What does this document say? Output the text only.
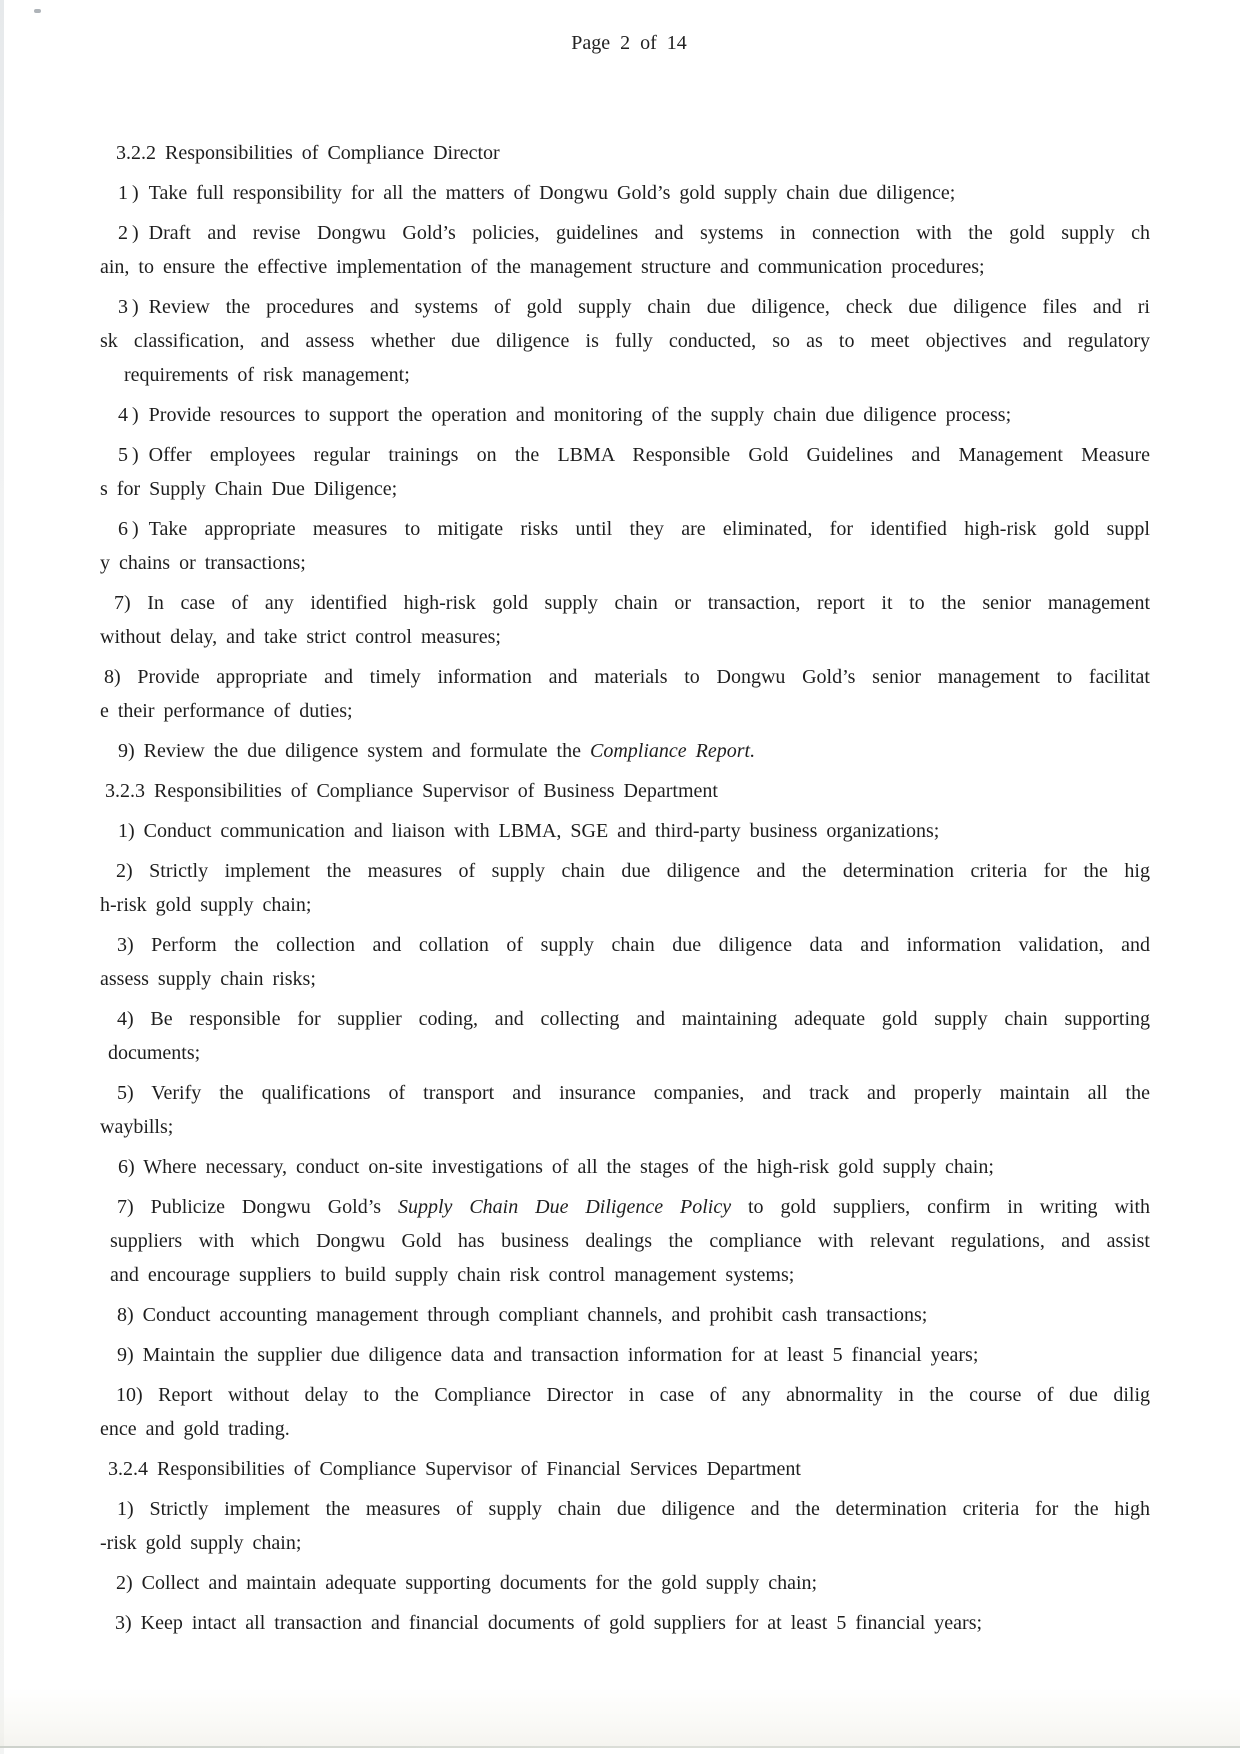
3.2.2 Responsibilities of Compliance Director

1 ) Take full responsibility for all the matters of Dongwu Gold’s gold supply chain due diligence;

2 ) Draft and revise Dongwu Gold’s policies, guidelines and systems in connection with the gold supply ch
ain, to ensure the effective implementation of the management structure and communication procedures;

3 ) Review the procedures and systems of gold supply chain due diligence, check due diligence files and ri
sk classification, and assess whether due diligence is fully conducted, so as to meet objectives and regulatory
requirements of risk management;

4 ) Provide resources to support the operation and monitoring of the supply chain due diligence process;

5 ) Offer employees regular trainings on the LBMA Responsible Gold Guidelines and Management Measure
s for Supply Chain Due Diligence;

6 ) Take appropriate measures to mitigate risks until they are eliminated, for identified high-risk gold suppl
y chains or transactions;

7) In case of any identified high-risk gold supply chain or transaction, report it to the senior management
without delay, and take strict control measures;

8) Provide appropriate and timely information and materials to Dongwu Gold’s senior management to facilitat
e their performance of duties;

9) Review the due diligence system and formulate the Compliance Report.

3.2.3 Responsibilities of Compliance Supervisor of Business Department

1) Conduct communication and liaison with LBMA, SGE and third-party business organizations;

2) Strictly implement the measures of supply chain due diligence and the determination criteria for the hig
h-risk gold supply chain;

3) Perform the collection and collation of supply chain due diligence data and information validation, and
assess supply chain risks;

4) Be responsible for supplier coding, and collecting and maintaining adequate gold supply chain supporting
documents;

5) Verify the qualifications of transport and insurance companies, and track and properly maintain all the
waybills;

6) Where necessary, conduct on-site investigations of all the stages of the high-risk gold supply chain;

7) Publicize Dongwu Gold’s Supply Chain Due Diligence Policy to gold suppliers, confirm in writing with
suppliers with which Dongwu Gold has business dealings the compliance with relevant regulations, and assist
and encourage suppliers to build supply chain risk control management systems;

8) Conduct accounting management through compliant channels, and prohibit cash transactions;

9) Maintain the supplier due diligence data and transaction information for at least 5 financial years;

10) Report without delay to the Compliance Director in case of any abnormality in the course of due dilig
ence and gold trading.

3.2.4 Responsibilities of Compliance Supervisor of Financial Services Department

1) Strictly implement the measures of supply chain due diligence and the determination criteria for the high
-risk gold supply chain;

2) Collect and maintain adequate supporting documents for the gold supply chain;

3) Keep intact all transaction and financial documents of gold suppliers for at least 5 financial years;

Page 2 of 14
